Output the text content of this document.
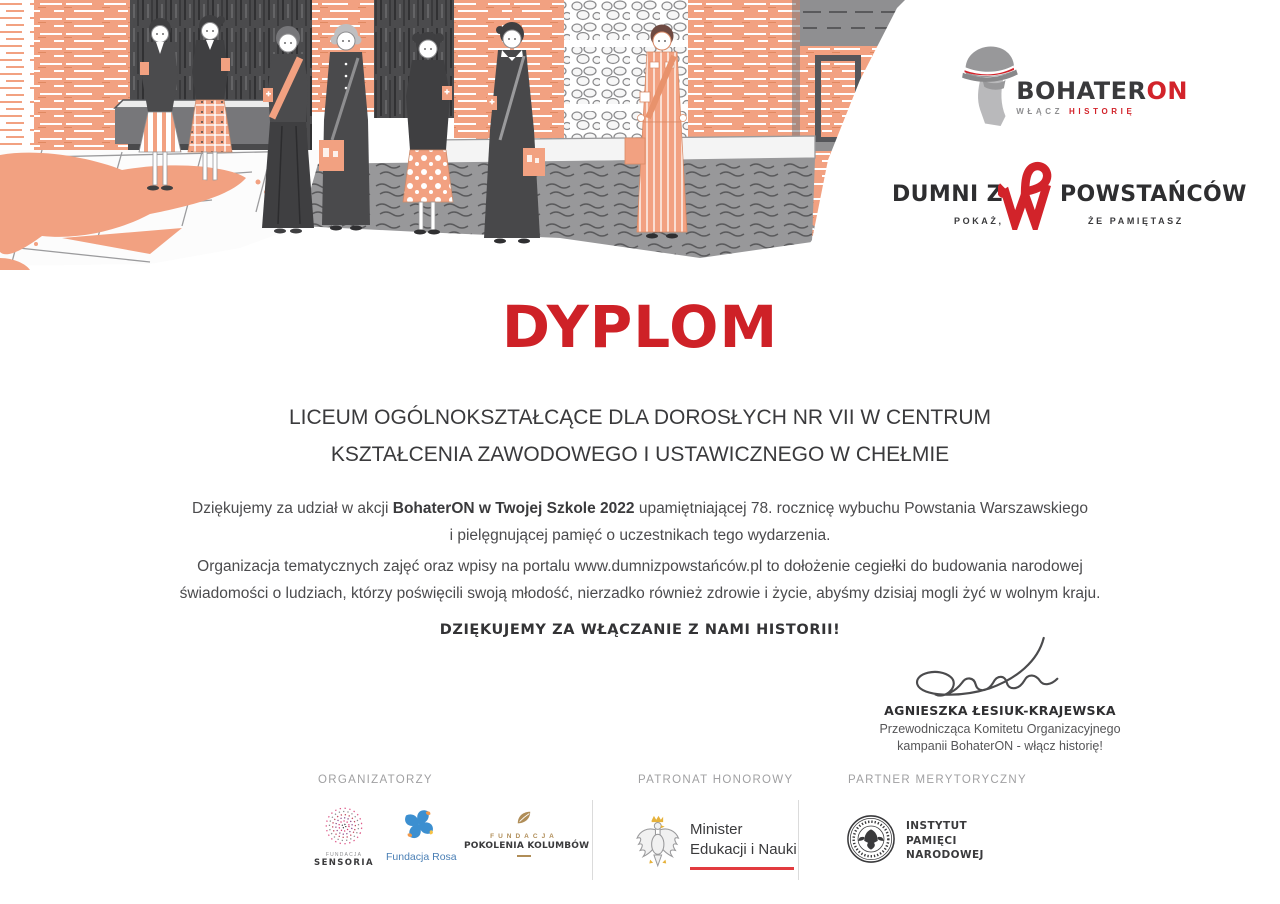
BOHATERON
WŁĄCZ HISTORIĘ
DUMNI Z	POWSTAŃCÓW
POKAŻ,	ŻE PAMIĘTASZ
DYPLOM
LICEUM OGÓLNOKSZTAŁCĄCE DLA DOROSŁYCH NR VII W CENTRUM
KSZTAŁCENIA ZAWODOWEGO I USTAWICZNEGO W CHEŁMIE
Dziękujemy za udział w akcji BohaterON w Twojej Szkole 2022 upamiętniającej 78. rocznicę wybuchu Powstania Warszawskiego
i pielęgnującej pamięć o uczestnikach tego wydarzenia.
Organizacja tematycznych zajęć oraz wpisy na portalu www.dumnizpowstańców.pl to dołożenie cegiełki do budowania narodowej
świadomości o ludziach, którzy poświęcili swoją młodość, nierzadko również zdrowie i życie, abyśmy dzisiaj mogli żyć w wolnym kraju.
DZIĘKUJEMY ZA WŁĄCZANIE Z NAMI HISTORII!
AGNIESZKA ŁESIUK-KRAJEWSKA
Przewodnicząca Komitetu Organizacyjnego
kampanii BohaterON - włącz historię!
ORGANIZATORZY	PATRONAT HONOROWY	PARTNER MERYTORYCZNY
FUNDACJA
SENSORIA Fundacja Rosa
FUNDACJA
POKOLENIA KOLUMBÓW
Minister
Edukacji i Nauki
INSTYTUT
PAMIĘCI
NARODOWEJ
